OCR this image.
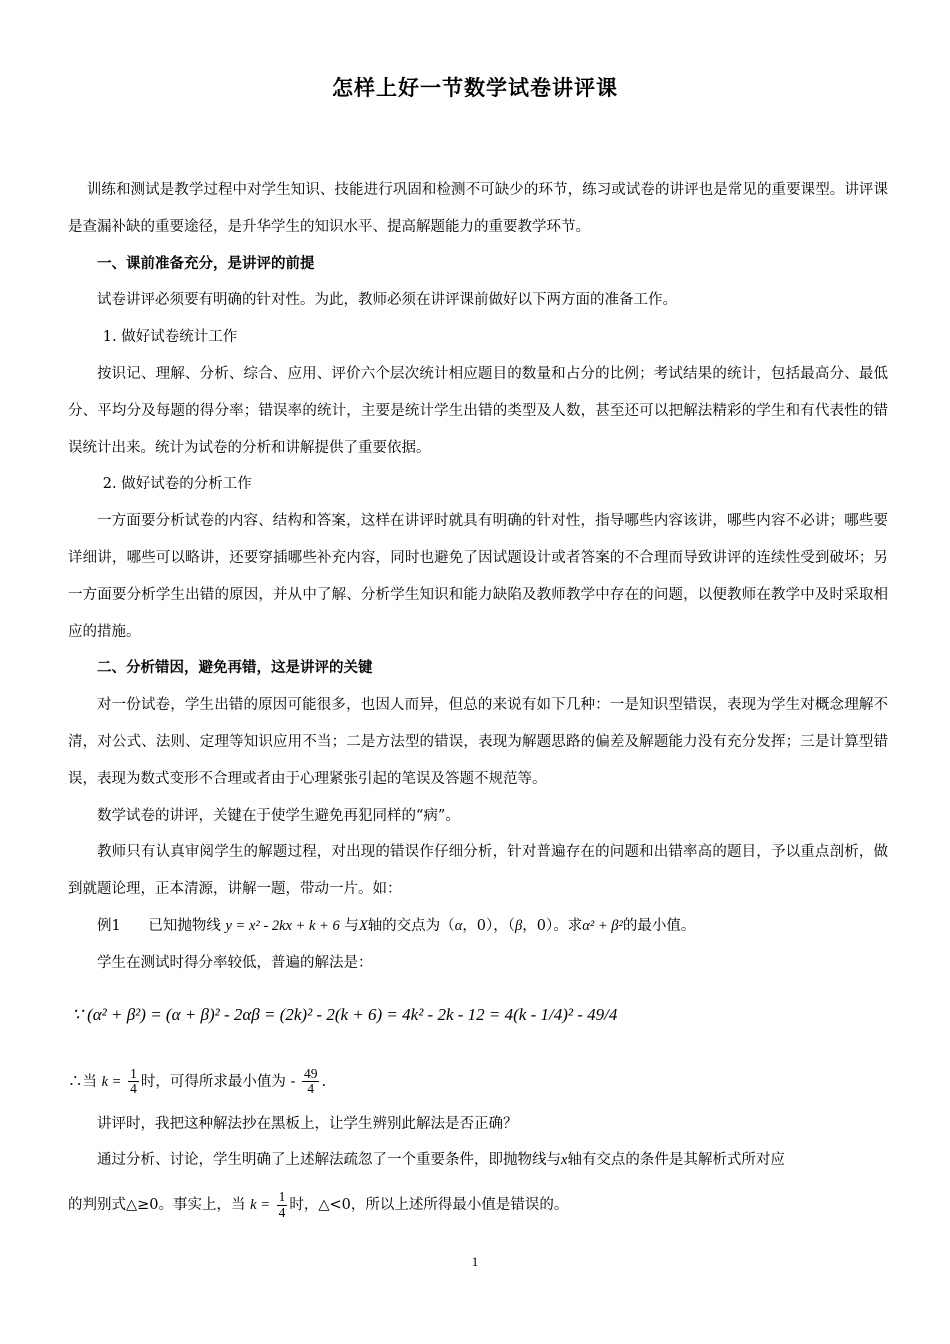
怎样上好一节数学试卷讲评课

训练和测试是教学过程中对学生知识、技能进行巩固和检测不可缺少的环节，练习或试卷的讲评也是常见的重要课型。讲评课是查漏补缺的重要途径，是升华学生的知识水平、提高解题能力的重要教学环节。

一、课前准备充分，是讲评的前提

试卷讲评必须要有明确的针对性。为此，教师必须在讲评课前做好以下两方面的准备工作。

1. 做好试卷统计工作

按识记、理解、分析、综合、应用、评价六个层次统计相应题目的数量和占分的比例；考试结果的统计，包括最高分、最低分、平均分及每题的得分率；错误率的统计，主要是统计学生出错的类型及人数，甚至还可以把解法精彩的学生和有代表性的错误统计出来。统计为试卷的分析和讲解提供了重要依据。

2. 做好试卷的分析工作

一方面要分析试卷的内容、结构和答案，这样在讲评时就具有明确的针对性，指导哪些内容该讲，哪些内容不必讲；哪些要详细讲，哪些可以略讲，还要穿插哪些补充内容，同时也避免了因试题设计或者答案的不合理而导致讲评的连续性受到破坏；另一方面要分析学生出错的原因，并从中了解、分析学生知识和能力缺陷及教师教学中存在的问题，以便教师在教学中及时采取相应的措施。

二、分析错因，避免再错，这是讲评的关键

对一份试卷，学生出错的原因可能很多，也因人而异，但总的来说有如下几种：一是知识型错误，表现为学生对概念理解不清，对公式、法则、定理等知识应用不当；二是方法型的错误，表现为解题思路的偏差及解题能力没有充分发挥；三是计算型错误，表现为数式变形不合理或者由于心理紧张引起的笔误及答题不规范等。

数学试卷的讲评，关键在于使学生避免再犯同样的“病”。

教师只有认真审阅学生的解题过程，对出现的错误作仔细分析，针对普遍存在的问题和出错率高的题目，予以重点剖析，做到就题论理，正本清源，讲解一题，带动一片。如：

例1 已知抛物线 y = x² - 2kx + k + 6 与X轴的交点为（α，0），（β，0）。求α² + β²的最小值。

学生在测试时得分率较低，普遍的解法是：

∵ (α² + β²) = (α + β)² - 2αβ = (2k)² - 2(k + 6) = 4k² - 2k - 12 = 4(k - 1/4)² - 49/4
∴当 $k = \frac{1}{4}$ 时，可得所求最小值为 - $\frac{49}{4}$ .

讲评时，我把这种解法抄在黑板上，让学生辨别此解法是否正确？

通过分析、讨论，学生明确了上述解法疏忽了一个重要条件，即抛物线与x轴有交点的条件是其解析式所对应

的判别式△≥0。事实上，当 $k = \frac{1}{4}$ 时，△<0，所以上述所得最小值是错误的。
1
